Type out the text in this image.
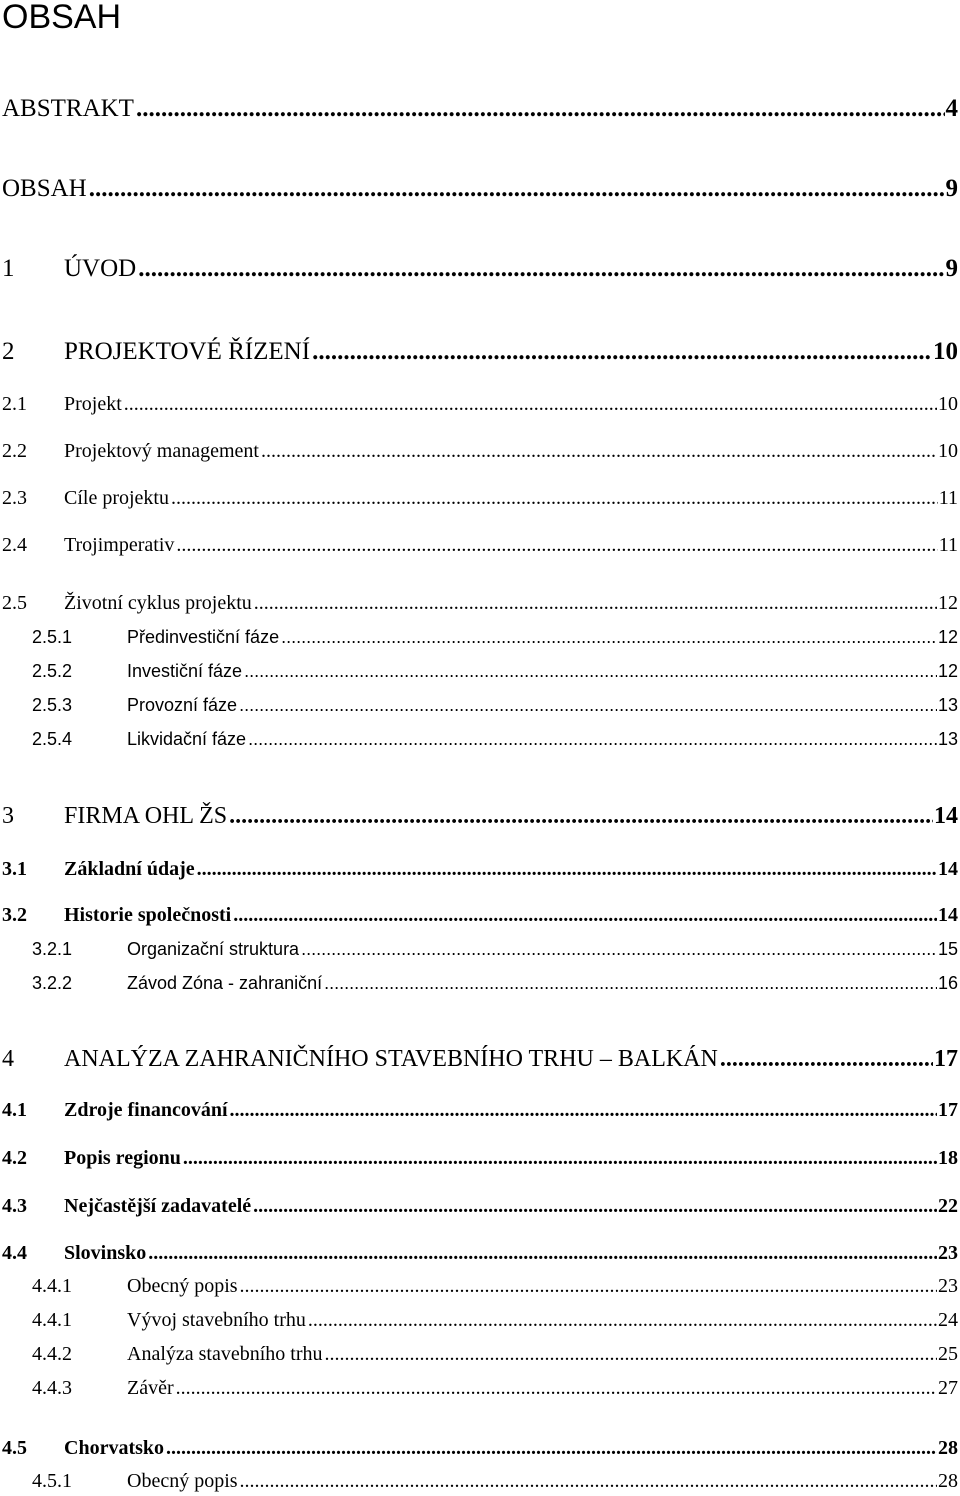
OBSAH
ABSTRAKT .....	4
OBSAH .....	9
1	ÚVOD .....	9
2	PROJEKTOVÉ ŘÍZENÍ .....	10
2.1	Projekt .....	10
2.2	Projektový management .....	10
2.3	Cíle projektu .....	11
2.4	Trojimperativ .....	11
2.5	Životní cyklus projektu .....	12
2.5.1	Předinvestiční fáze .....	12
2.5.2	Investiční fáze .....	12
2.5.3	Provozní fáze .....	13
2.5.4	Likvidační fáze .....	13
3	FIRMA OHL ŽS .....	14
3.1	Základní údaje .....	14
3.2	Historie společnosti .....	14
3.2.1	Organizační struktura .....	15
3.2.2	Závod Zóna - zahraniční .....	16
4	ANALÝZA ZAHRANIČNÍHO STAVEBNÍHO TRHU – BALKÁN .....	17
4.1	Zdroje financování .....	17
4.2	Popis regionu .....	18
4.3	Nejčastější zadavatelé .....	22
4.4	Slovinsko .....	23
4.4.1	Obecný popis .....	23
4.4.1	Vývoj stavebního trhu .....	24
4.4.2	Analýza stavebního trhu .....	25
4.4.3	Závěr .....	27
4.5	Chorvatsko .....	28
4.5.1	Obecný popis .....	28
